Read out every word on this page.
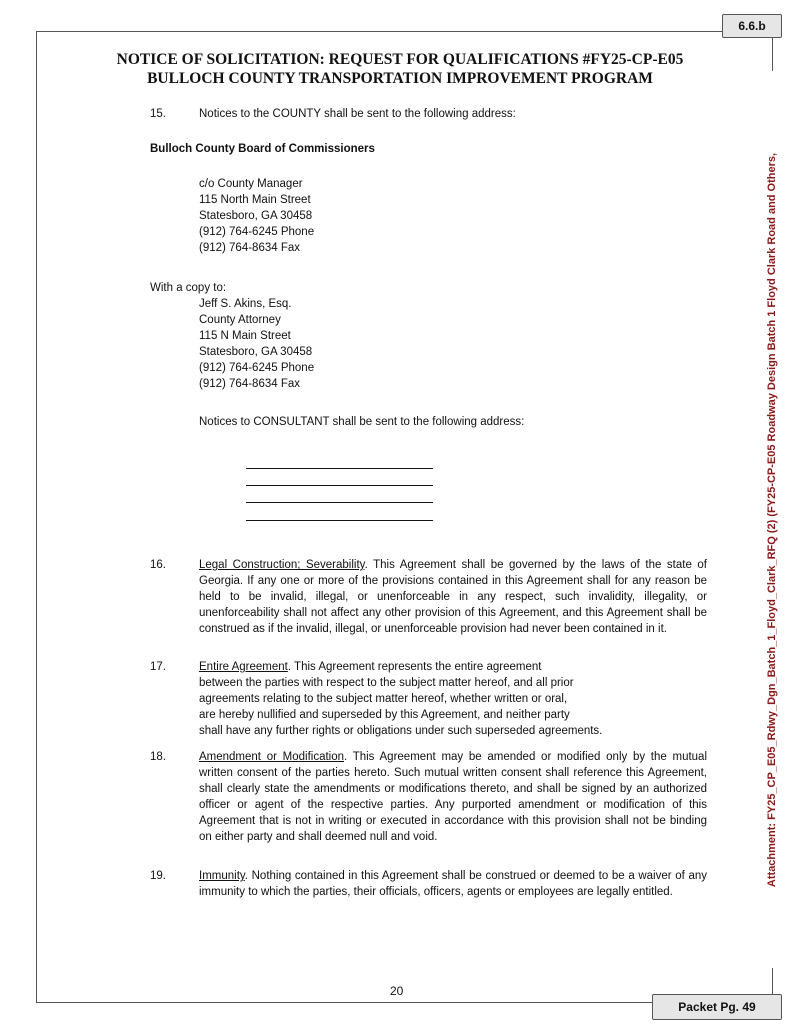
6.6.b
Packet Pg. 49
Attachment: FY25_CP_E05_Rdwy_Dgn_Batch_1_Floyd_Clark_RFQ (2) (FY25-CP-E05 Roadway Design Batch 1 Floyd Clark Road and Others,
NOTICE OF SOLICITATION: REQUEST FOR QUALIFICATIONS #FY25-CP-E05
BULLOCH COUNTY TRANSPORTATION IMPROVEMENT PROGRAM
15.	Notices to the COUNTY shall be sent to the following address:
Bulloch County Board of Commissioners
c/o County Manager
115 North Main Street
Statesboro, GA 30458
(912) 764-6245 Phone
(912) 764-8634 Fax
With a copy to:
Jeff S. Akins, Esq.
County Attorney
115 N Main Street
Statesboro, GA 30458
(912) 764-6245 Phone
(912) 764-8634 Fax
Notices to CONSULTANT shall be sent to the following address:
16.	Legal Construction; Severability. This Agreement shall be governed by the laws of the state of Georgia. If any one or more of the provisions contained in this Agreement shall for any reason be held to be invalid, illegal, or unenforceable in any respect, such invalidity, illegality, or unenforceability shall not affect any other provision of this Agreement, and this Agreement shall be construed as if the invalid, illegal, or unenforceable provision had never been contained in it.
17.	Entire Agreement. This Agreement represents the entire agreement
between the parties with respect to the subject matter hereof, and all prior
agreements relating to the subject matter hereof, whether written or oral,
are hereby nullified and superseded by this Agreement, and neither party
shall have any further rights or obligations under such superseded agreements.
18.	Amendment or Modification. This Agreement may be amended or modified only by the mutual written consent of the parties hereto. Such mutual written consent shall reference this Agreement, shall clearly state the amendments or modifications thereto, and shall be signed by an authorized officer or agent of the respective parties. Any purported amendment or modification of this Agreement that is not in writing or executed in accordance with this provision shall not be binding on either party and shall deemed null and void.
19.	Immunity. Nothing contained in this Agreement shall be construed or deemed to be a waiver of any immunity to which the parties, their officials, officers, agents or employees are legally entitled.
20
